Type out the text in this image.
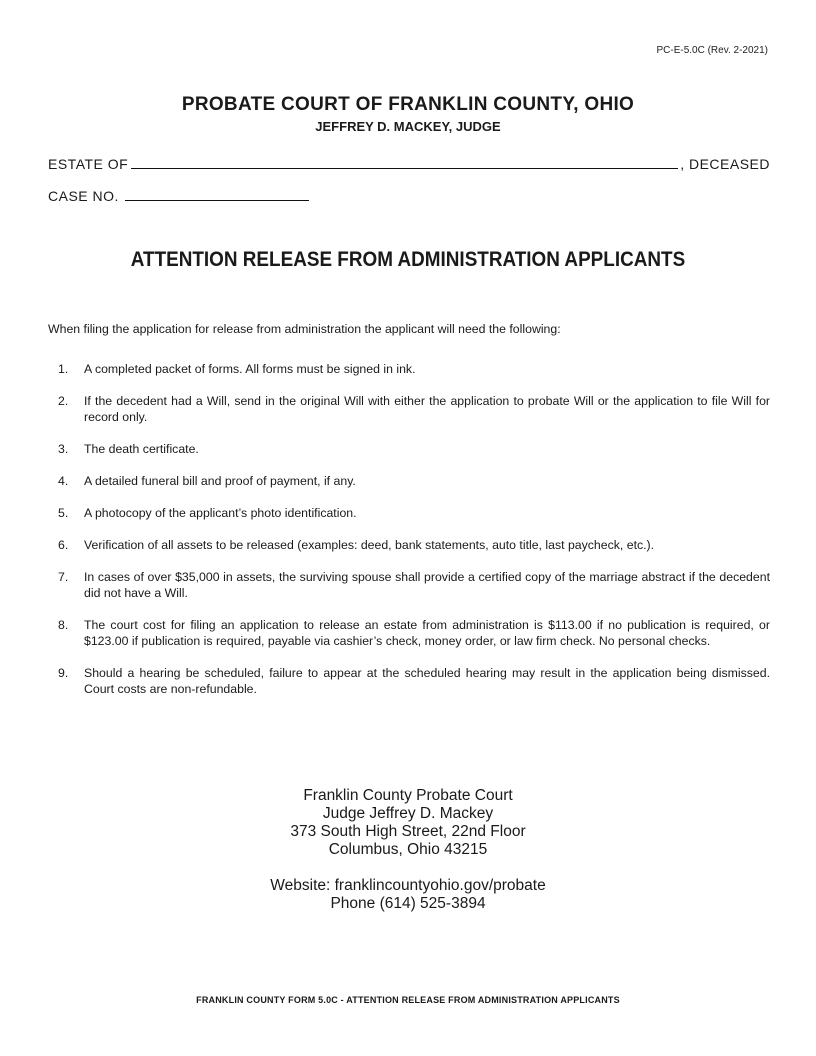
PC-E-5.0C (Rev. 2-2021)
PROBATE COURT OF FRANKLIN COUNTY, OHIO
JEFFREY D. MACKEY, JUDGE
ESTATE OF	, DECEASED
CASE NO.
ATTENTION RELEASE FROM ADMINISTRATION APPLICANTS
When filing the application for release from administration the applicant will need the following:
1.	A completed packet of forms. All forms must be signed in ink.
2.	If the decedent had a Will, send in the original Will with either the application to probate Will or the application to file Will for record only.
3.	The death certificate.
4.	A detailed funeral bill and proof of payment, if any.
5.	A photocopy of the applicant’s photo identification.
6.	Verification of all assets to be released (examples: deed, bank statements, auto title, last paycheck, etc.).
7.	In cases of over $35,000 in assets, the surviving spouse shall provide a certified copy of the marriage abstract if the decedent did not have a Will.
8.	The court cost for filing an application to release an estate from administration is $113.00 if no publication is required, or $123.00 if publication is required, payable via cashier’s check, money order, or law firm check. No personal checks.
9.	Should a hearing be scheduled, failure to appear at the scheduled hearing may result in the application being dismissed. Court costs are non-refundable.
Franklin County Probate Court
Judge Jeffrey D. Mackey
373 South High Street, 22nd Floor
Columbus, Ohio 43215
Website: franklincountyohio.gov/probate
Phone (614) 525-3894
FRANKLIN COUNTY FORM 5.0C - ATTENTION RELEASE FROM ADMINISTRATION APPLICANTS
